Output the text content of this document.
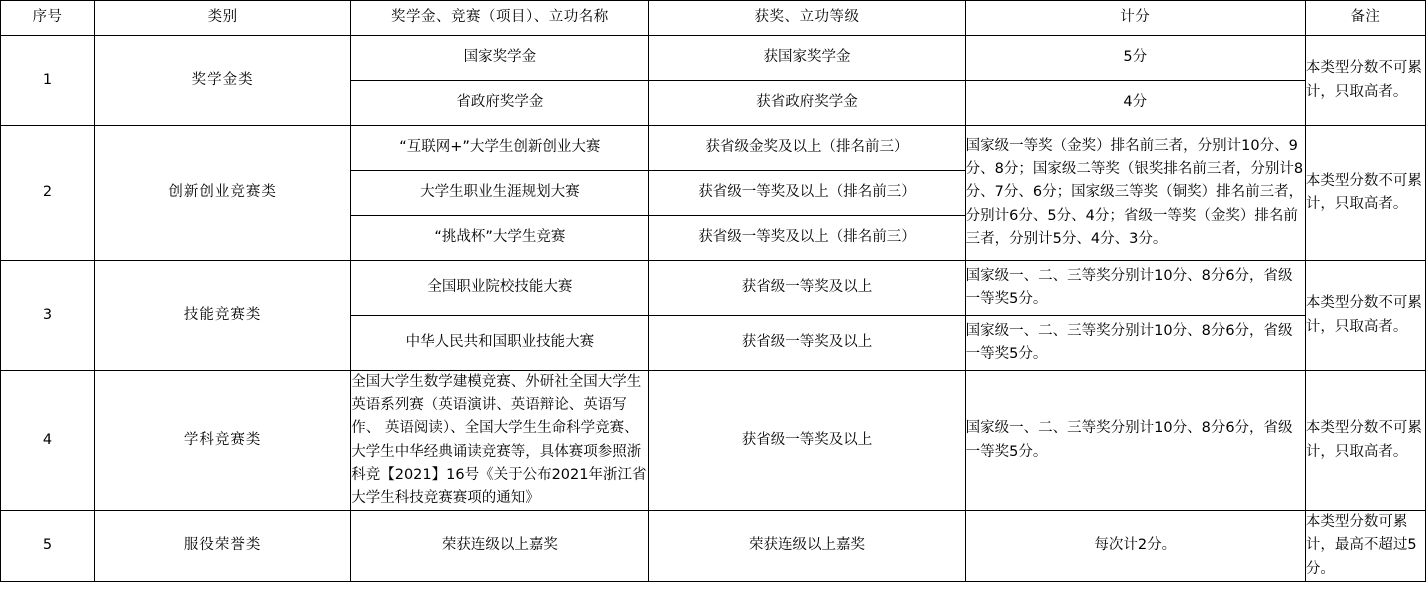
序号	类别	奖学金、竞赛（项目）、立功名称	获奖、立功等级	计分	备注
1	奖学金类	国家奖学金	获国家奖学金	5分	本类型分数不可累计，只取高者。
		省政府奖学金	获省政府奖学金	4分	
2	创新创业竞赛类	“互联网+”大学生创新创业大赛	获省级金奖及以上（排名前三）	国家级一等奖（金奖）排名前三者，分别计10分、9分、8分；国家级二等奖（银奖排名前三者，分别计8分、7分、6分；国家级三等奖（铜奖）排名前三者，分别计6分、5分、4分；省级一等奖（金奖）排名前三者，分别计5分、4分、3分。	本类型分数不可累计，只取高者。
		大学生职业生涯规划大赛	获省级一等奖及以上（排名前三）		
		“挑战杯”大学生竞赛	获省级一等奖及以上（排名前三）		
3	技能竞赛类	全国职业院校技能大赛	获省级一等奖及以上	国家级一、二、三等奖分别计10分、8分6分，省级一等奖5分。	本类型分数不可累计，只取高者。
		中华人民共和国职业技能大赛	获省级一等奖及以上	国家级一、二、三等奖分别计10分、8分6分，省级一等奖5分。	
4	学科竞赛类	全国大学生数学建模竞赛、外研社全国大学生英语系列赛（英语演讲、英语辩论、英语写作、 英语阅读）、全国大学生生命科学竞赛、大学生中华经典诵读竞赛等，具体赛项参照浙科竞【2021】16号《关于公布2021年浙江省大学生科技竞赛赛项的通知》	获省级一等奖及以上	国家级一、二、三等奖分别计10分、8分6分，省级一等奖5分。	本类型分数不可累计，只取高者。
5	服役荣誉类	荣获连级以上嘉奖	荣获连级以上嘉奖	每次计2分。	本类型分数可累计，最高不超过5分。
